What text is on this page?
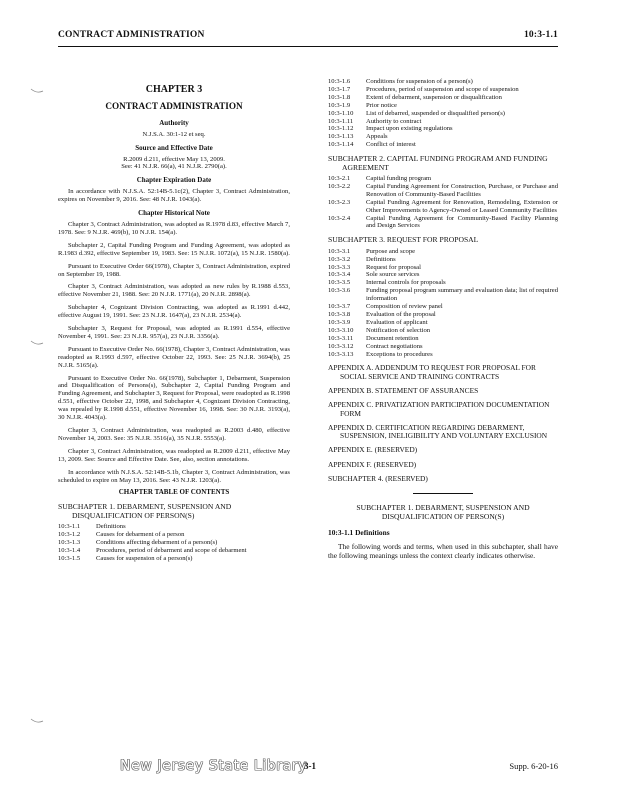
CONTRACT ADMINISTRATION	10:3-1.1
CHAPTER 3
CONTRACT ADMINISTRATION
Authority
N.J.S.A. 30:1-12 et seq.
Source and Effective Date
R.2009 d.211, effective May 13, 2009.
See: 41 N.J.R. 66(a), 41 N.J.R. 2790(a).
Chapter Expiration Date
In accordance with N.J.S.A. 52:14B-5.1c(2), Chapter 3, Contract Administration, expires on November 9, 2016. See: 48 N.J.R. 1043(a).
Chapter Historical Note
Chapter 3, Contract Administration, was adopted as R.1978 d.83, effective March 7, 1978. See: 9 N.J.R. 469(b), 10 N.J.R. 154(a).
Subchapter 2, Capital Funding Program and Funding Agreement, was adopted as R.1983 d.392, effective September 19, 1983. See: 15 N.J.R. 1072(a), 15 N.J.R. 1580(a).
Pursuant to Executive Order 66(1978), Chapter 3, Contract Administration, expired on September 19, 1988.
Chapter 3, Contract Administration, was adopted as new rules by R.1988 d.553, effective November 21, 1988. See: 20 N.J.R. 1771(a), 20 N.J.R. 2898(a).
Subchapter 4, Cognizant Division Contracting, was adopted as R.1991 d.442, effective August 19, 1991. See: 23 N.J.R. 1647(a), 23 N.J.R. 2534(a).
Subchapter 3, Request for Proposal, was adopted as R.1991 d.554, effective November 4, 1991. See: 23 N.J.R. 957(a), 23 N.J.R. 3356(a).
Pursuant to Executive Order No. 66(1978), Chapter 3, Contract Administration, was readopted as R.1993 d.597, effective October 22, 1993. See: 25 N.J.R. 3694(b), 25 N.J.R. 5165(a).
Pursuant to Executive Order No. 66(1978), Subchapter 1, Debarment, Suspension and Disqualification of Persons(s), Subchapter 2, Capital Funding Program and Funding Agreement, and Subchapter 3, Request for Proposal, were readopted as R.1998 d.551, effective October 22, 1998, and Subchapter 4, Cognizant Division Contracting, was repealed by R.1998 d.551, effective November 16, 1998. See: 30 N.J.R. 3193(a), 30 N.J.R. 4043(a).
Chapter 3, Contract Administration, was readopted as R.2003 d.480, effective November 14, 2003. See: 35 N.J.R. 3516(a), 35 N.J.R. 5553(a).
Chapter 3, Contract Administration, was readopted as R.2009 d.211, effective May 13, 2009. See: Source and Effective Date. See, also, section annotations.
In accordance with N.J.S.A. 52:14B-5.1b, Chapter 3, Contract Administration, was scheduled to expire on May 13, 2016. See: 43 N.J.R. 1203(a).
CHAPTER TABLE OF CONTENTS
SUBCHAPTER 1. DEBARMENT, SUSPENSION AND DISQUALIFICATION OF PERSON(S)
10:3-1.1	Definitions
10:3-1.2	Causes for debarment of a person
10:3-1.3	Conditions affecting debarment of a person(s)
10:3-1.4	Procedures, period of debarment and scope of debarment
10:3-1.5	Causes for suspension of a person(s)
10:3-1.6	Conditions for suspension of a person(s)
10:3-1.7	Procedures, period of suspension and scope of suspension
10:3-1.8	Extent of debarment, suspension or disqualification
10:3-1.9	Prior notice
10:3-1.10	List of debarred, suspended or disqualified person(s)
10:3-1.11	Authority to contract
10:3-1.12	Impact upon existing regulations
10:3-1.13	Appeals
10:3-1.14	Conflict of interest
SUBCHAPTER 2. CAPITAL FUNDING PROGRAM AND FUNDING AGREEMENT
10:3-2.1	Capital funding program
10:3-2.2	Capital Funding Agreement for Construction, Purchase, or Purchase and Renovation of Community-Based Facilities
10:3-2.3	Capital Funding Agreement for Renovation, Remodeling, Extension or Other Improvements to Agency-Owned or Leased Community Facilities
10:3-2.4	Capital Funding Agreement for Community-Based Facility Planning and Design Services
SUBCHAPTER 3. REQUEST FOR PROPOSAL
10:3-3.1	Purpose and scope
10:3-3.2	Definitions
10:3-3.3	Request for proposal
10:3-3.4	Sole source services
10:3-3.5	Internal controls for proposals
10:3-3.6	Funding proposal program summary and evaluation data; list of required information
10:3-3.7	Composition of review panel
10:3-3.8	Evaluation of the proposal
10:3-3.9	Evaluation of applicant
10:3-3.10	Notification of selection
10:3-3.11	Document retention
10:3-3.12	Contract negotiations
10:3-3.13	Exceptions to procedures
APPENDIX A. ADDENDUM TO REQUEST FOR PROPOSAL FOR SOCIAL SERVICE AND TRAINING CONTRACTS
APPENDIX B. STATEMENT OF ASSURANCES
APPENDIX C. PRIVATIZATION PARTICIPATION DOCUMENTATION FORM
APPENDIX D. CERTIFICATION REGARDING DEBARMENT, SUSPENSION, INELIGIBILITY AND VOLUNTARY EXCLUSION
APPENDIX E. (RESERVED)
APPENDIX F. (RESERVED)
SUBCHAPTER 4. (RESERVED)
SUBCHAPTER 1. DEBARMENT, SUSPENSION AND DISQUALIFICATION OF PERSON(S)
10:3-1.1 Definitions
The following words and terms, when used in this subchapter, shall have the following meanings unless the context clearly indicates otherwise.
New Jersey State Library
3-1	Supp. 6-20-16
